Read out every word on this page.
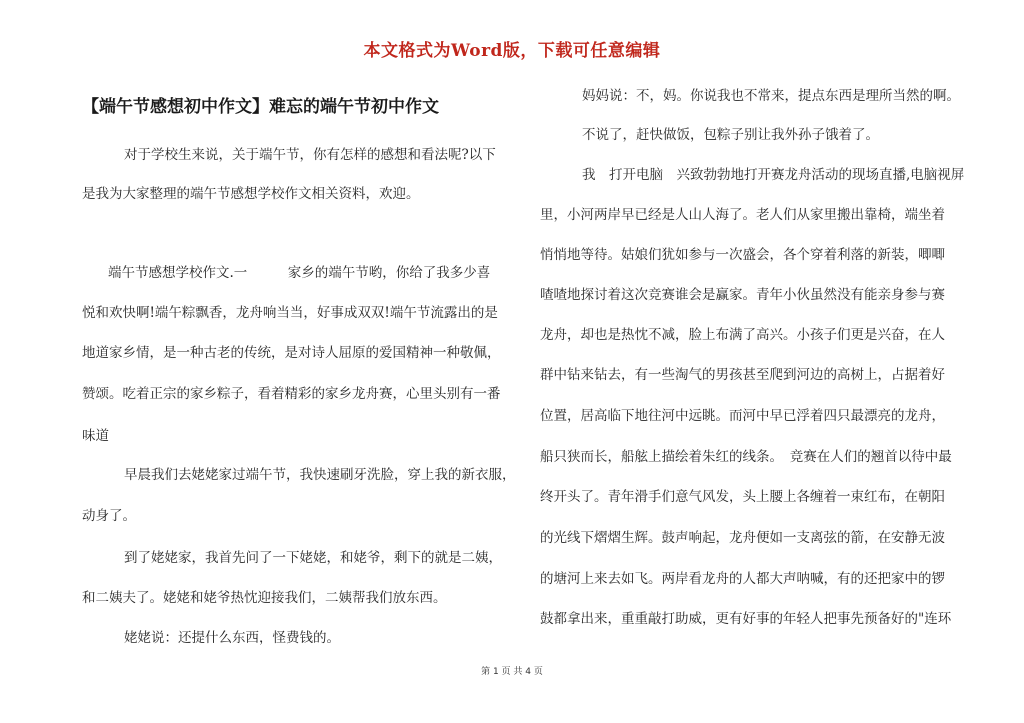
本文格式为Word版，下载可任意编辑
【端午节感想初中作文】难忘的端午节初中作文
对于学校生来说，关于端午节，你有怎样的感想和看法呢?以下
是我为大家整理的端午节感想学校作文相关资料，欢迎。
端午节感想学校作文.一　　　家乡的端午节哟，你给了我多少喜
悦和欢快啊!端午粽飘香，龙舟响当当，好事成双双!端午节流露出的是
地道家乡情，是一种古老的传统，是对诗人屈原的爱国精神一种敬佩，
赞颂。吃着正宗的家乡粽子，看着精彩的家乡龙舟赛，心里头别有一番
味道
早晨我们去姥姥家过端午节，我快速刷牙洗脸，穿上我的新衣服，
动身了。
到了姥姥家，我首先问了一下姥姥，和姥爷，剩下的就是二姨，
和二姨夫了。姥姥和姥爷热忱迎接我们，二姨帮我们放东西。
姥姥说：还提什么东西，怪费钱的。
妈妈说：不，妈。你说我也不常来，提点东西是理所当然的啊。
不说了，赶快做饭，包粽子别让我外孙子饿着了。
我　打开电脑　兴致勃勃地打开赛龙舟活动的现场直播,电脑视屏
里，小河两岸早已经是人山人海了。老人们从家里搬出靠椅，端坐着
悄悄地等待。姑娘们犹如参与一次盛会，各个穿着利落的新装，唧唧
喳喳地探讨着这次竞赛谁会是赢家。青年小伙虽然没有能亲身参与赛
龙舟，却也是热忱不减，脸上布满了高兴。小孩子们更是兴奋，在人
群中钻来钻去，有一些淘气的男孩甚至爬到河边的高树上，占据着好
位置，居高临下地往河中远眺。而河中早已浮着四只最漂亮的龙舟，
船只狭而长，船舷上描绘着朱红的线条。　竞赛在人们的翘首以待中最
终开头了。青年滑手们意气风发，头上腰上各缠着一束红布，在朝阳
的光线下熠熠生辉。鼓声响起，龙舟便如一支离弦的箭，在安静无波
的塘河上来去如飞。两岸看龙舟的人都大声呐喊，有的还把家中的锣
鼓都拿出来，重重敲打助威，更有好事的年轻人把事先预备好的"连环
第 1 页 共 4 页
